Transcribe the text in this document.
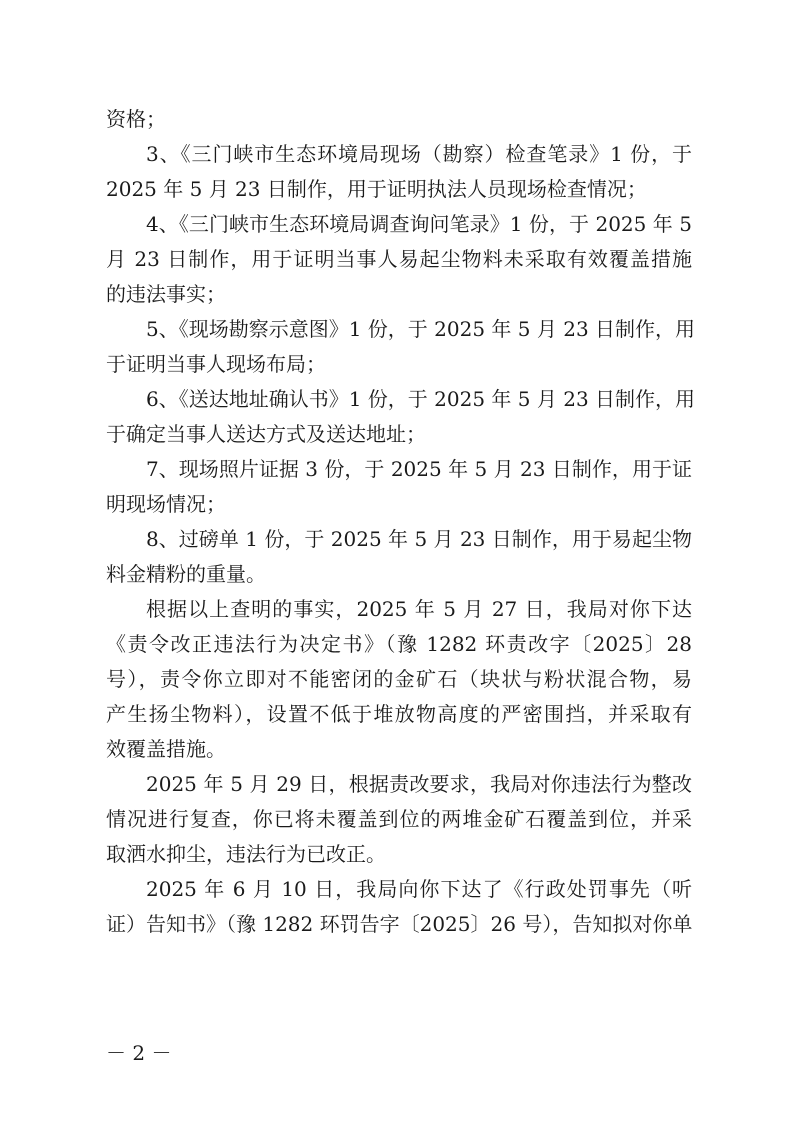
资格；
3、《三门峡市生态环境局现场（勘察）检查笔录》1 份，于
2025 年 5 月 23 日制作，用于证明执法人员现场检查情况；
4、《三门峡市生态环境局调查询问笔录》1 份，于 2025 年 5
月 23 日制作，用于证明当事人易起尘物料未采取有效覆盖措施
的违法事实；
5、《现场勘察示意图》1 份，于 2025 年 5 月 23 日制作，用
于证明当事人现场布局；
6、《送达地址确认书》1 份，于 2025 年 5 月 23 日制作，用
于确定当事人送达方式及送达地址；
7、现场照片证据 3 份，于 2025 年 5 月 23 日制作，用于证
明现场情况；
8、过磅单 1 份，于 2025 年 5 月 23 日制作，用于易起尘物
料金精粉的重量。
根据以上查明的事实，2025 年 5 月 27 日，我局对你下达
《责令改正违法行为决定书》（豫 1282 环责改字〔2025〕28
号），责令你立即对不能密闭的金矿石（块状与粉状混合物，易
产生扬尘物料），设置不低于堆放物高度的严密围挡，并采取有
效覆盖措施。
2025 年 5 月 29 日，根据责改要求，我局对你违法行为整改
情况进行复查，你已将未覆盖到位的两堆金矿石覆盖到位，并采
取洒水抑尘，违法行为已改正。
2025 年 6 月 10 日，我局向你下达了《行政处罚事先（听
证）告知书》（豫 1282 环罚告字〔2025〕26 号），告知拟对你单
－ 2 －
